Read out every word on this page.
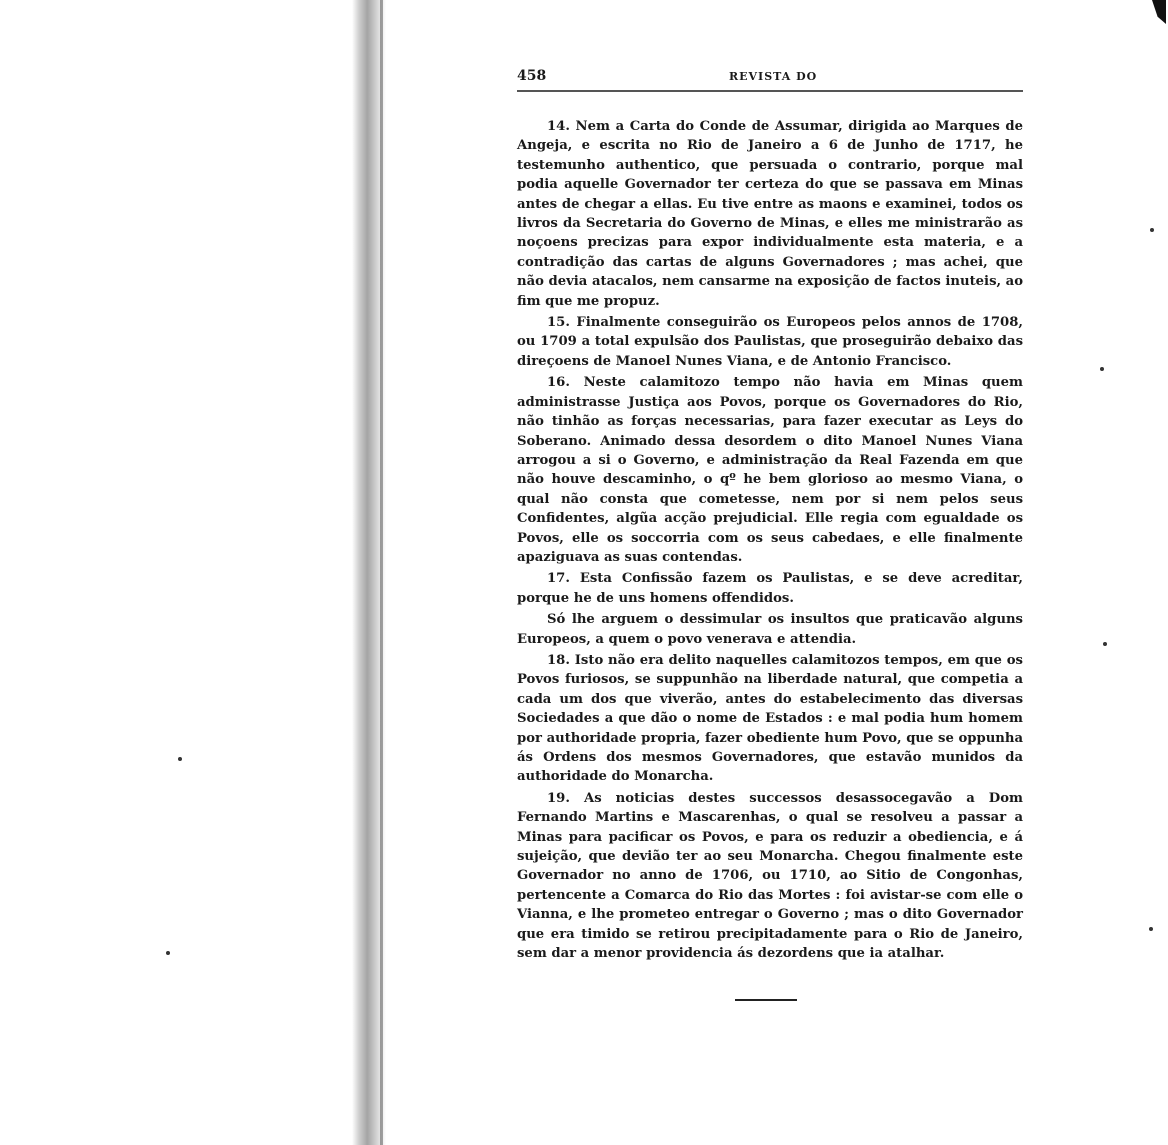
458	REVISTA DO

14. Nem a Carta do Conde de Assumar, dirigida ao Marques de Angeja, e escrita no Rio de Janeiro a 6 de Junho de 1717, he testemunho authentico, que persuada o contrario, porque mal podia aquelle Governador ter certeza do que se passava em Minas antes de chegar a ellas. Eu tive entre as maons e examinei, todos os livros da Secretaria do Governo de Minas, e elles me ministrarão as noçoens precizas para expor individualmente esta materia, e a contradição das cartas de alguns Governadores ; mas achei, que não devia atacalos, nem cansarme na exposição de factos inuteis, ao fim que me propuz.

15. Finalmente conseguirão os Europeos pelos annos de 1708, ou 1709 a total expulsão dos Paulistas, que proseguirão debaixo das direçoens de Manoel Nunes Viana, e de Antonio Francisco.

16. Neste calamitozo tempo não havia em Minas quem administrasse Justiça aos Povos, porque os Governadores do Rio, não tinhão as forças necessarias, para fazer executar as Leys do Soberano. Animado dessa desordem o dito Manoel Nunes Viana arrogou a si o Governo, e administração da Real Fazenda em que não houve descaminho, o qº he bem glorioso ao mesmo Viana, o qual não consta que cometesse, nem por si nem pelos seus Confidentes, algũa acção prejudicial. Elle regia com egualdade os Povos, elle os soccorria com os seus cabedaes, e elle finalmente apaziguava as suas contendas.

17. Esta Confissão fazem os Paulistas, e se deve acreditar, porque he de uns homens offendidos.

Só lhe arguem o dessimular os insultos que praticavão alguns Europeos, a quem o povo venerava e attendia.

18. Isto não era delito naquelles calamitozos tempos, em que os Povos furiosos, se suppunhão na liberdade natural, que competia a cada um dos que viverão, antes do estabelecimento das diversas Sociedades a que dão o nome de Estados : e mal podia hum homem por authoridade propria, fazer obediente hum Povo, que se oppunha ás Ordens dos mesmos Governadores, que estavão munidos da authoridade do Monarcha.

19. As noticias destes successos desassocegavão a Dom Fernando Martins e Mascarenhas, o qual se resolveu a passar a Minas para pacificar os Povos, e para os reduzir a obediencia, e á sujeição, que devião ter ao seu Monarcha. Chegou finalmente este Governador no anno de 1706, ou 1710, ao Sitio de Congonhas, pertencente a Comarca do Rio das Mortes : foi avistar-se com elle o Vianna, e lhe prometeo entregar o Governo ; mas o dito Governador que era timido se retirou precipitadamente para o Rio de Janeiro, sem dar a menor providencia ás dezordens que ia atalhar.
